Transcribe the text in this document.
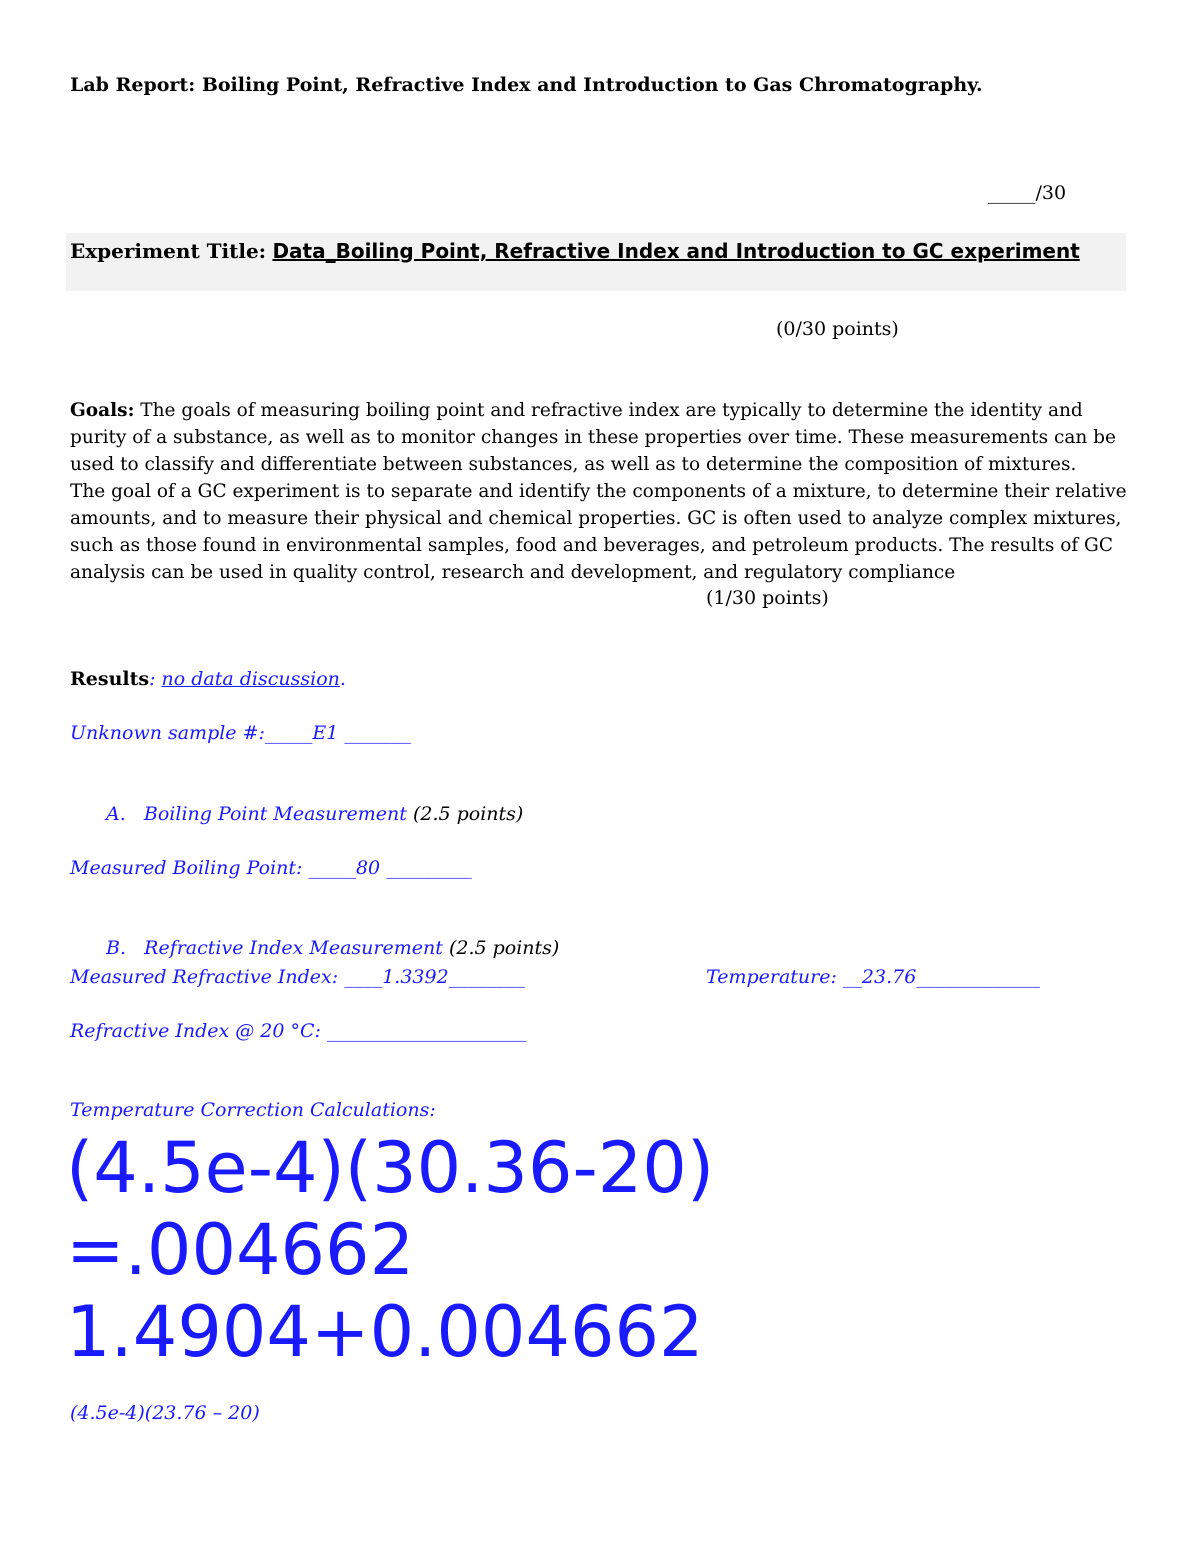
Lab Report: Boiling Point, Refractive Index and Introduction to Gas Chromatography.
_____/30
Experiment Title: Data_Boiling Point, Refractive Index and Introduction to GC experiment
(0/30 points)

Goals: The goals of measuring boiling point and refractive index are typically to determine the identity and purity of a substance, as well as to monitor changes in these properties over time. These measurements can be used to classify and differentiate between substances, as well as to determine the composition of mixtures.

The goal of a GC experiment is to separate and identify the components of a mixture, to determine their relative amounts, and to measure their physical and chemical properties. GC is often used to analyze complex mixtures, such as those found in environmental samples, food and beverages, and petroleum products. The results of GC analysis can be used in quality control, research and development, and regulatory compliance

(1/30 points)
Results: no data discussion.
Unknown sample #:_____E1 _______
A. Boiling Point Measurement (2.5 points)
Measured Boiling Point: _____80 _________
B. Refractive Index Measurement (2.5 points)
Measured Refractive Index: ____1.3392________	Temperature: __23.76_____________
Refractive Index @ 20 °C: _____________________
Temperature Correction Calculations:
(4.5e-4)(30.36-20)
=.004662
1.4904+0.004662
(4.5e-4)(23.76 – 20)
